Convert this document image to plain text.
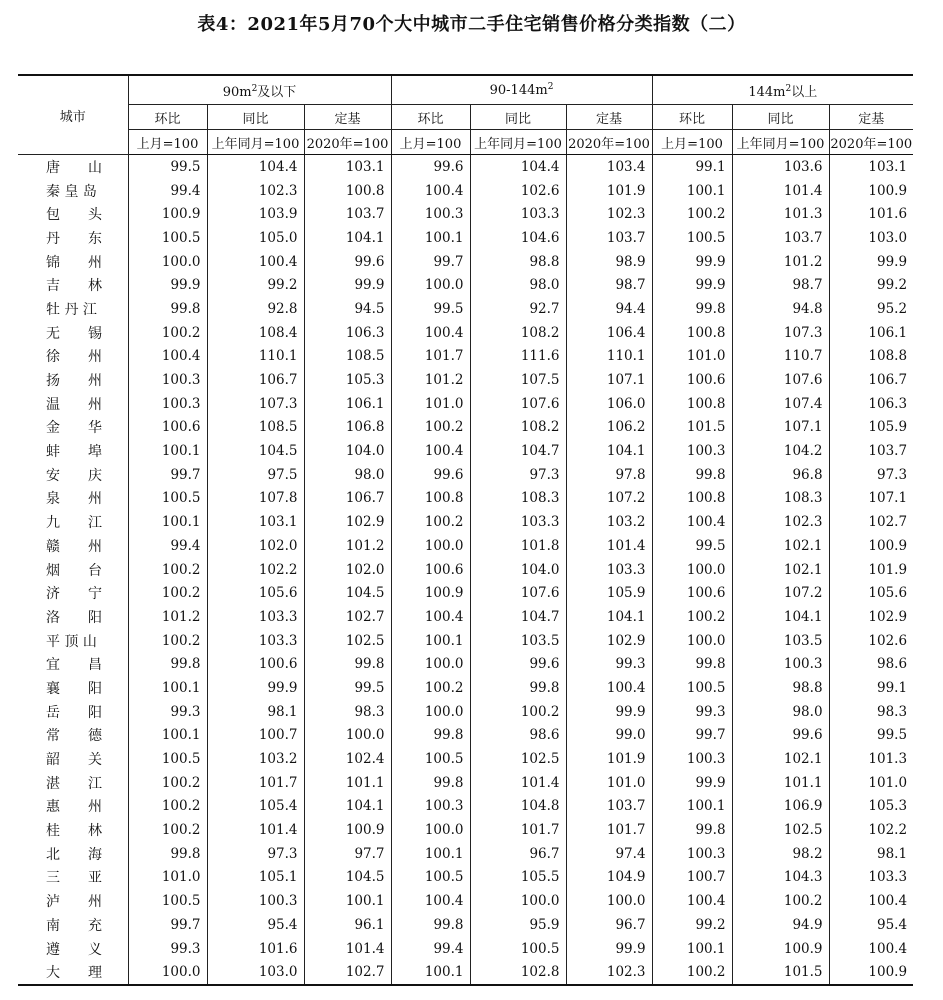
表4：2021年5月70个大中城市二手住宅销售价格分类指数（二）
城市	$90m^2$及以下			$90-144m^2$			$144m^2$以上		
	环比	同比	定基	环比	同比	定基	环比	同比	定基
	上月=100	上年同月=100	2020年=100	上月=100	上年同月=100	2020年=100	上月=100	上年同月=100	2020年=100
唐　　山	99.5	104.4	103.1	99.6	104.4	103.4	99.1	103.6	103.1
秦 皇 岛	99.4	102.3	100.8	100.4	102.6	101.9	100.1	101.4	100.9
包　　头	100.9	103.9	103.7	100.3	103.3	102.3	100.2	101.3	101.6
丹　　东	100.5	105.0	104.1	100.1	104.6	103.7	100.5	103.7	103.0
锦　　州	100.0	100.4	99.6	99.7	98.8	98.9	99.9	101.2	99.9
吉　　林	99.9	99.2	99.9	100.0	98.0	98.7	99.9	98.7	99.2
牡 丹 江	99.8	92.8	94.5	99.5	92.7	94.4	99.8	94.8	95.2
无　　锡	100.2	108.4	106.3	100.4	108.2	106.4	100.8	107.3	106.1
徐　　州	100.4	110.1	108.5	101.7	111.6	110.1	101.0	110.7	108.8
扬　　州	100.3	106.7	105.3	101.2	107.5	107.1	100.6	107.6	106.7
温　　州	100.3	107.3	106.1	101.0	107.6	106.0	100.8	107.4	106.3
金　　华	100.6	108.5	106.8	100.2	108.2	106.2	101.5	107.1	105.9
蚌　　埠	100.1	104.5	104.0	100.4	104.7	104.1	100.3	104.2	103.7
安　　庆	99.7	97.5	98.0	99.6	97.3	97.8	99.8	96.8	97.3
泉　　州	100.5	107.8	106.7	100.8	108.3	107.2	100.8	108.3	107.1
九　　江	100.1	103.1	102.9	100.2	103.3	103.2	100.4	102.3	102.7
赣　　州	99.4	102.0	101.2	100.0	101.8	101.4	99.5	102.1	100.9
烟　　台	100.2	102.2	102.0	100.6	104.0	103.3	100.0	102.1	101.9
济　　宁	100.2	105.6	104.5	100.9	107.6	105.9	100.6	107.2	105.6
洛　　阳	101.2	103.3	102.7	100.4	104.7	104.1	100.2	104.1	102.9
平 顶 山	100.2	103.3	102.5	100.1	103.5	102.9	100.0	103.5	102.6
宜　　昌	99.8	100.6	99.8	100.0	99.6	99.3	99.8	100.3	98.6
襄　　阳	100.1	99.9	99.5	100.2	99.8	100.4	100.5	98.8	99.1
岳　　阳	99.3	98.1	98.3	100.0	100.2	99.9	99.3	98.0	98.3
常　　德	100.1	100.7	100.0	99.8	98.6	99.0	99.7	99.6	99.5
韶　　关	100.5	103.2	102.4	100.5	102.5	101.9	100.3	102.1	101.3
湛　　江	100.2	101.7	101.1	99.8	101.4	101.0	99.9	101.1	101.0
惠　　州	100.2	105.4	104.1	100.3	104.8	103.7	100.1	106.9	105.3
桂　　林	100.2	101.4	100.9	100.0	101.7	101.7	99.8	102.5	102.2
北　　海	99.8	97.3	97.7	100.1	96.7	97.4	100.3	98.2	98.1
三　　亚	101.0	105.1	104.5	100.5	105.5	104.9	100.7	104.3	103.3
泸　　州	100.5	100.3	100.1	100.4	100.0	100.0	100.4	100.2	100.4
南　　充	99.7	95.4	96.1	99.8	95.9	96.7	99.2	94.9	95.4
遵　　义	99.3	101.6	101.4	99.4	100.5	99.9	100.1	100.9	100.4
大　　理	100.0	103.0	102.7	100.1	102.8	102.3	100.2	101.5	100.9
